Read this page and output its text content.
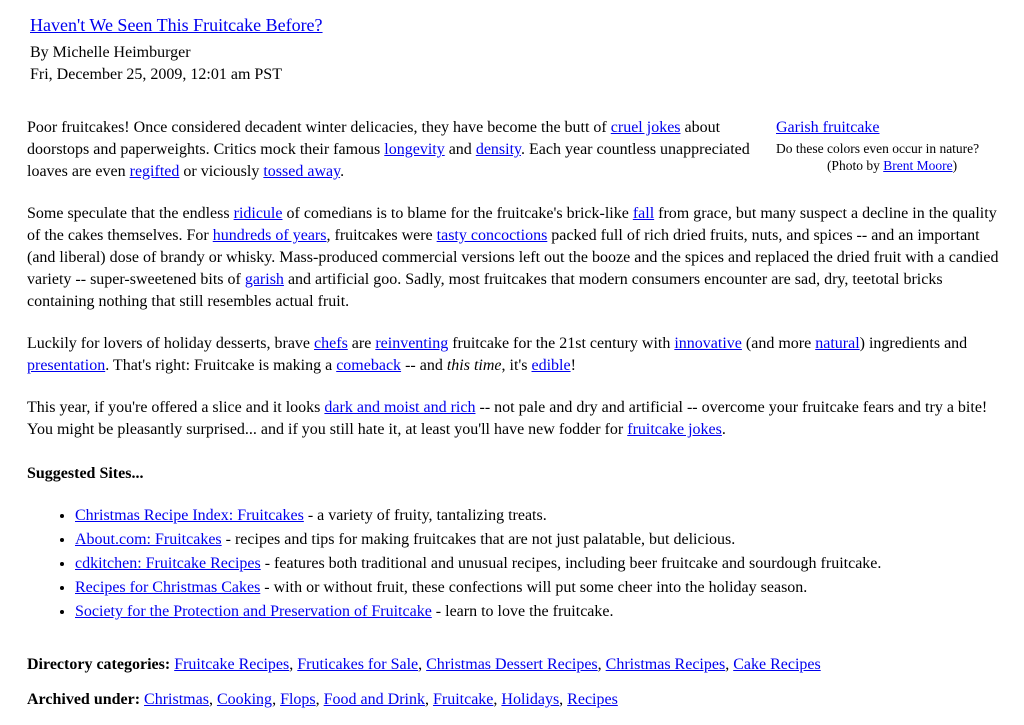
Haven't We Seen This Fruitcake Before?
By Michelle Heimburger
Fri, December 25, 2009, 12:01 am PST
Garish fruitcake
Do these colors even occur in nature?
(Photo by Brent Moore)

Poor fruitcakes! Once considered decadent winter delicacies, they have become the butt of cruel jokes about doorstops and paperweights. Critics mock their famous longevity and density. Each year countless unappreciated loaves are even regifted or viciously tossed away.

Some speculate that the endless ridicule of comedians is to blame for the fruitcake's brick-like fall from grace, but many suspect a decline in the quality of the cakes themselves. For hundreds of years, fruitcakes were tasty concoctions packed full of rich dried fruits, nuts, and spices -- and an important (and liberal) dose of brandy or whisky. Mass-produced commercial versions left out the booze and the spices and replaced the dried fruit with a candied variety -- super-sweetened bits of garish and artificial goo. Sadly, most fruitcakes that modern consumers encounter are sad, dry, teetotal bricks containing nothing that still resembles actual fruit.

Luckily for lovers of holiday desserts, brave chefs are reinventing fruitcake for the 21st century with innovative (and more natural) ingredients and presentation. That's right: Fruitcake is making a comeback -- and this time, it's edible!

This year, if you're offered a slice and it looks dark and moist and rich -- not pale and dry and artificial -- overcome your fruitcake fears and try a bite! You might be pleasantly surprised... and if you still hate it, at least you'll have new fodder for fruitcake jokes.

Suggested Sites...
• Christmas Recipe Index: Fruitcakes - a variety of fruity, tantalizing treats.
• About.com: Fruitcakes - recipes and tips for making fruitcakes that are not just palatable, but delicious.
• cdkitchen: Fruitcake Recipes - features both traditional and unusual recipes, including beer fruitcake and sourdough fruitcake.
• Recipes for Christmas Cakes - with or without fruit, these confections will put some cheer into the holiday season.
• Society for the Protection and Preservation of Fruitcake - learn to love the fruitcake.
Directory categories: Fruitcake Recipes, Fruticakes for Sale, Christmas Dessert Recipes, Christmas Recipes, Cake Recipes
Archived under: Christmas, Cooking, Flops, Food and Drink, Fruitcake, Holidays, Recipes
